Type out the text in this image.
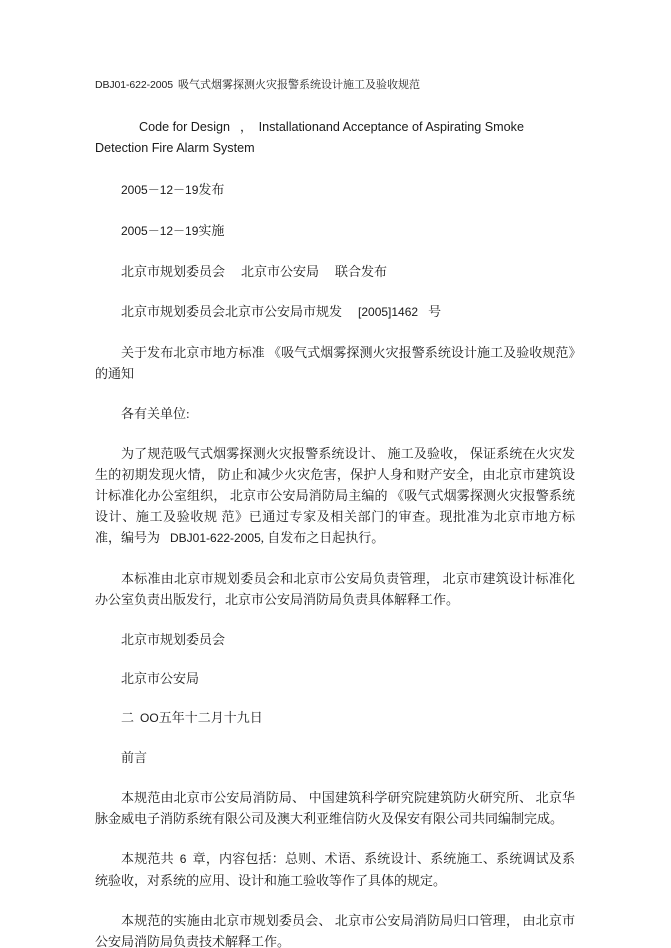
DBJ01-622-2005 吸气式烟雾探测火灾报警系统设计施工及验收规范
Code for Design ， Installationand Acceptance of Aspirating Smoke Detection Fire Alarm System
2005－12－19发布
2005－12－19实施
北京市规划委员会 北京市公安局 联合发布
北京市规划委员会北京市公安局市规发 [2005]1462 号
关于发布北京市地方标准 《吸气式烟雾探测火灾报警系统设计施工及验收规范》的通知
各有关单位:
为了规范吸气式烟雾探测火灾报警系统设计、 施工及验收， 保证系统在火灾发生的初期发现火情， 防止和减少火灾危害，保护人身和财产安全，由北京市建筑设计标准化办公室组织， 北京市公安局消防局主编的 《吸气式烟雾探测火灾报警系统设计、施工及验收规 范》已通过专家及相关部门的审查。现批准为北京市地方标准，编号为 DBJ01-622-2005, 自发布之日起执行。
本标准由北京市规划委员会和北京市公安局负责管理， 北京市建筑设计标准化办公室负责出版发行，北京市公安局消防局负责具体解释工作。
北京市规划委员会
北京市公安局
二 OO五年十二月十九日
前言
本规范由北京市公安局消防局、 中国建筑科学研究院建筑防火研究所、 北京华脉金威电子消防系统有限公司及澳大利亚维信防火及保安有限公司共同编制完成。
本规范共 6 章，内容包括：总则、术语、系统设计、系统施工、系统调试及系统验收，对系统的应用、设计和施工验收等作了具体的规定。
本规范的实施由北京市规划委员会、 北京市公安局消防局归口管理， 由北京市公安局消防局负责技术解释工作。
